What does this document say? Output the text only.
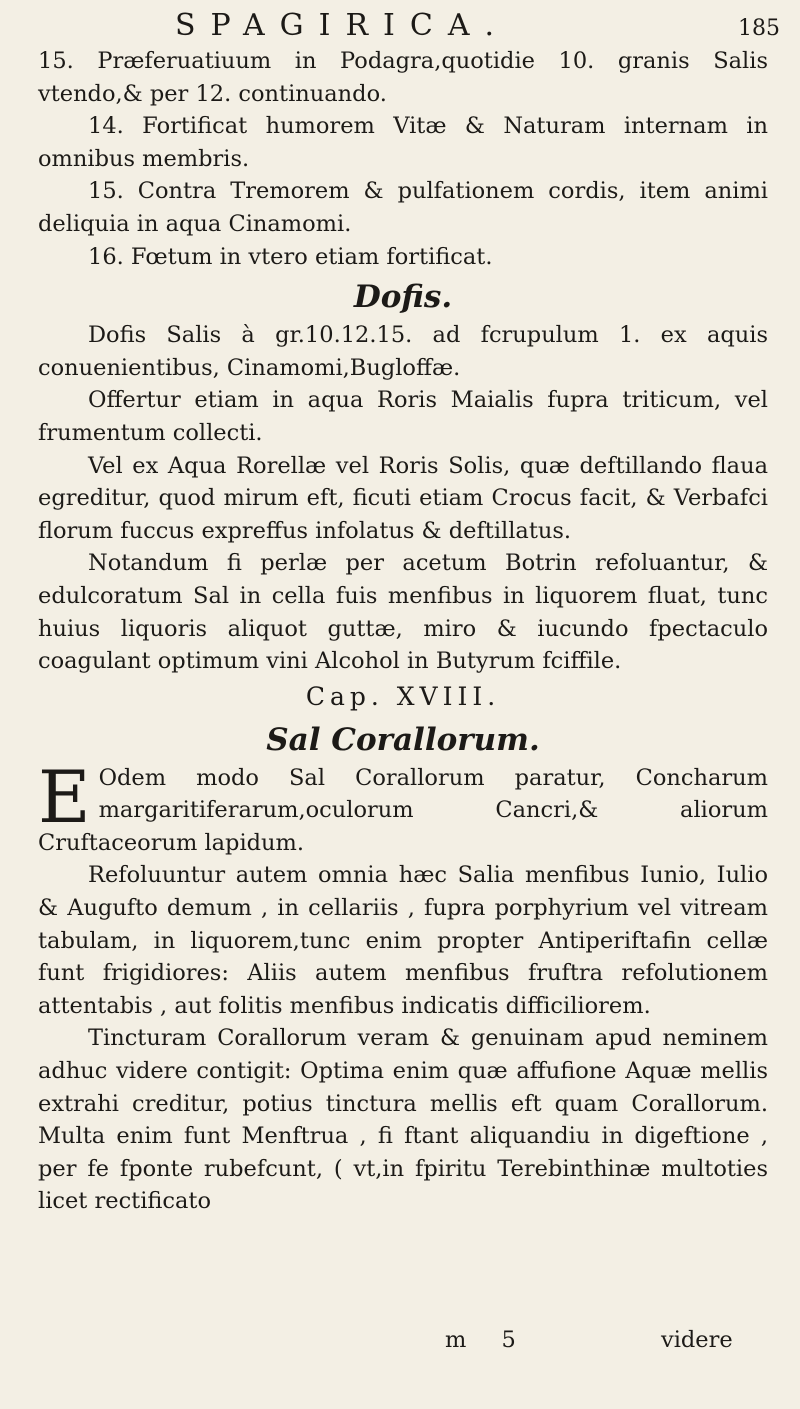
SPAGIRICA.	185

15. Præferuatiuum in Podagra,quotidie 10. granis Salis vtendo,& per 12. continuando.

14. Fortificat humorem Vitæ & Naturam internam in omnibus membris.

15. Contra Tremorem & pulfationem cordis, item animi deliquia in aqua Cinamomi.

16. Fœtum in vtero etiam fortificat.

Dofis.

Dofis Salis à gr.10.12.15. ad fcrupulum 1. ex aquis conuenientibus, Cinamomi,Bugloffæ.

Offertur etiam in aqua Roris Maialis fupra triticum, vel frumentum collecti.

Vel ex Aqua Rorellæ vel Roris Solis, quæ deftillando flaua egreditur, quod mirum eft, ficuti etiam Crocus facit, & Verbafci florum fuccus expreffus infolatus & deftillatus.

Notandum fi perlæ per acetum Botrin refoluantur, & edulcoratum Sal in cella fuis menfibus in liquorem fluat, tunc huius liquoris aliquot guttæ, miro & iucundo fpectaculo coagulant optimum vini Alcohol in Butyrum fciffile.

Cap. XVIII.
Sal Corallorum.

E Odem modo Sal Corallorum paratur, Concharum margaritiferarum,oculorum Cancri,& aliorum Cruftaceorum lapidum.

Refoluuntur autem omnia hæc Salia menfibus Iunio, Iulio & Augufto demum , in cellariis , fupra porphyrium vel vitream tabulam, in liquorem,tunc enim propter Antiperiftafin cellæ funt frigidiores: Aliis autem menfibus fruftra refolutionem attentabis , aut folitis menfibus indicatis difficiliorem.

Tincturam Corallorum veram & genuinam apud neminem adhuc videre contigit: Optima enim quæ affufione Aquæ mellis extrahi creditur, potius tinctura mellis eft quam Corallorum. Multa enim funt Menftrua , fi ftant aliquandiu in digeftione , per fe fponte rubefcunt, ( vt,in fpiritu Terebinthinæ multoties licet rectificato

m 5	videre
